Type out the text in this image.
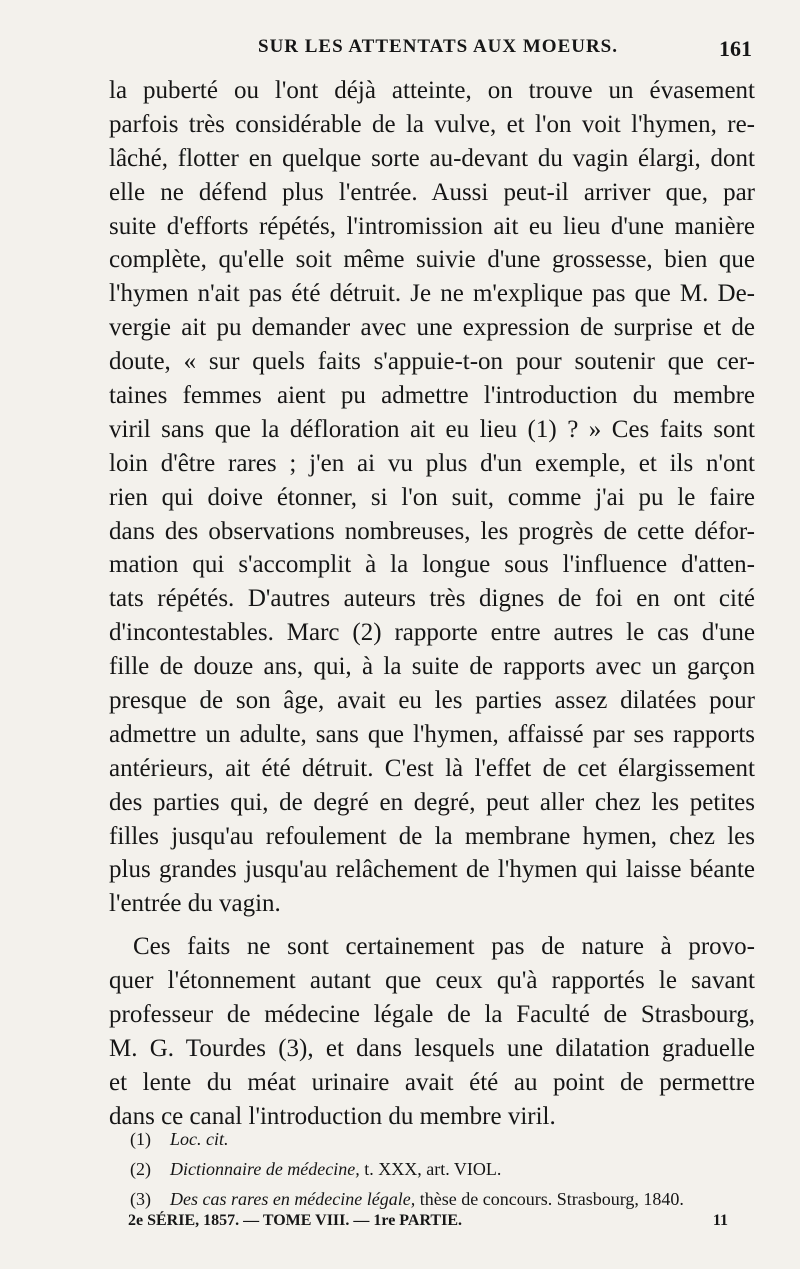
SUR LES ATTENTATS AUX MOEURS.	161
la puberté ou l'ont déjà atteinte, on trouve un évasement
parfois très considérable de la vulve, et l'on voit l'hymen, re-
lâché, flotter en quelque sorte au-devant du vagin élargi, dont
elle ne défend plus l'entrée. Aussi peut-il arriver que, par
suite d'efforts répétés, l'intromission ait eu lieu d'une manière
complète, qu'elle soit même suivie d'une grossesse, bien que
l'hymen n'ait pas été détruit. Je ne m'explique pas que M. De-
vergie ait pu demander avec une expression de surprise et de
doute, « sur quels faits s'appuie-t-on pour soutenir que cer-
taines femmes aient pu admettre l'introduction du membre
viril sans que la défloration ait eu lieu (1) ? » Ces faits sont
loin d'être rares ; j'en ai vu plus d'un exemple, et ils n'ont
rien qui doive étonner, si l'on suit, comme j'ai pu le faire
dans des observations nombreuses, les progrès de cette défor-
mation qui s'accomplit à la longue sous l'influence d'atten-
tats répétés. D'autres auteurs très dignes de foi en ont cité
d'incontestables. Marc (2) rapporte entre autres le cas d'une
fille de douze ans, qui, à la suite de rapports avec un garçon
presque de son âge, avait eu les parties assez dilatées pour
admettre un adulte, sans que l'hymen, affaissé par ses rapports
antérieurs, ait été détruit. C'est là l'effet de cet élargissement
des parties qui, de degré en degré, peut aller chez les petites
filles jusqu'au refoulement de la membrane hymen, chez les
plus grandes jusqu'au relâchement de l'hymen qui laisse béante
l'entrée du vagin.
Ces faits ne sont certainement pas de nature à provo-
quer l'étonnement autant que ceux qu'à rapportés le savant
professeur de médecine légale de la Faculté de Strasbourg,
M. G. Tourdes (3), et dans lesquels une dilatation graduelle
et lente du méat urinaire avait été au point de permettre
dans ce canal l'introduction du membre viril.
(1) Loc. cit.
(2) Dictionnaire de médecine, t. XXX, art. VIOL.
(3) Des cas rares en médecine légale, thèse de concours. Strasbourg, 1840.
2e SÉRIE, 1857. — TOME VIII. — 1re PARTIE.	11
